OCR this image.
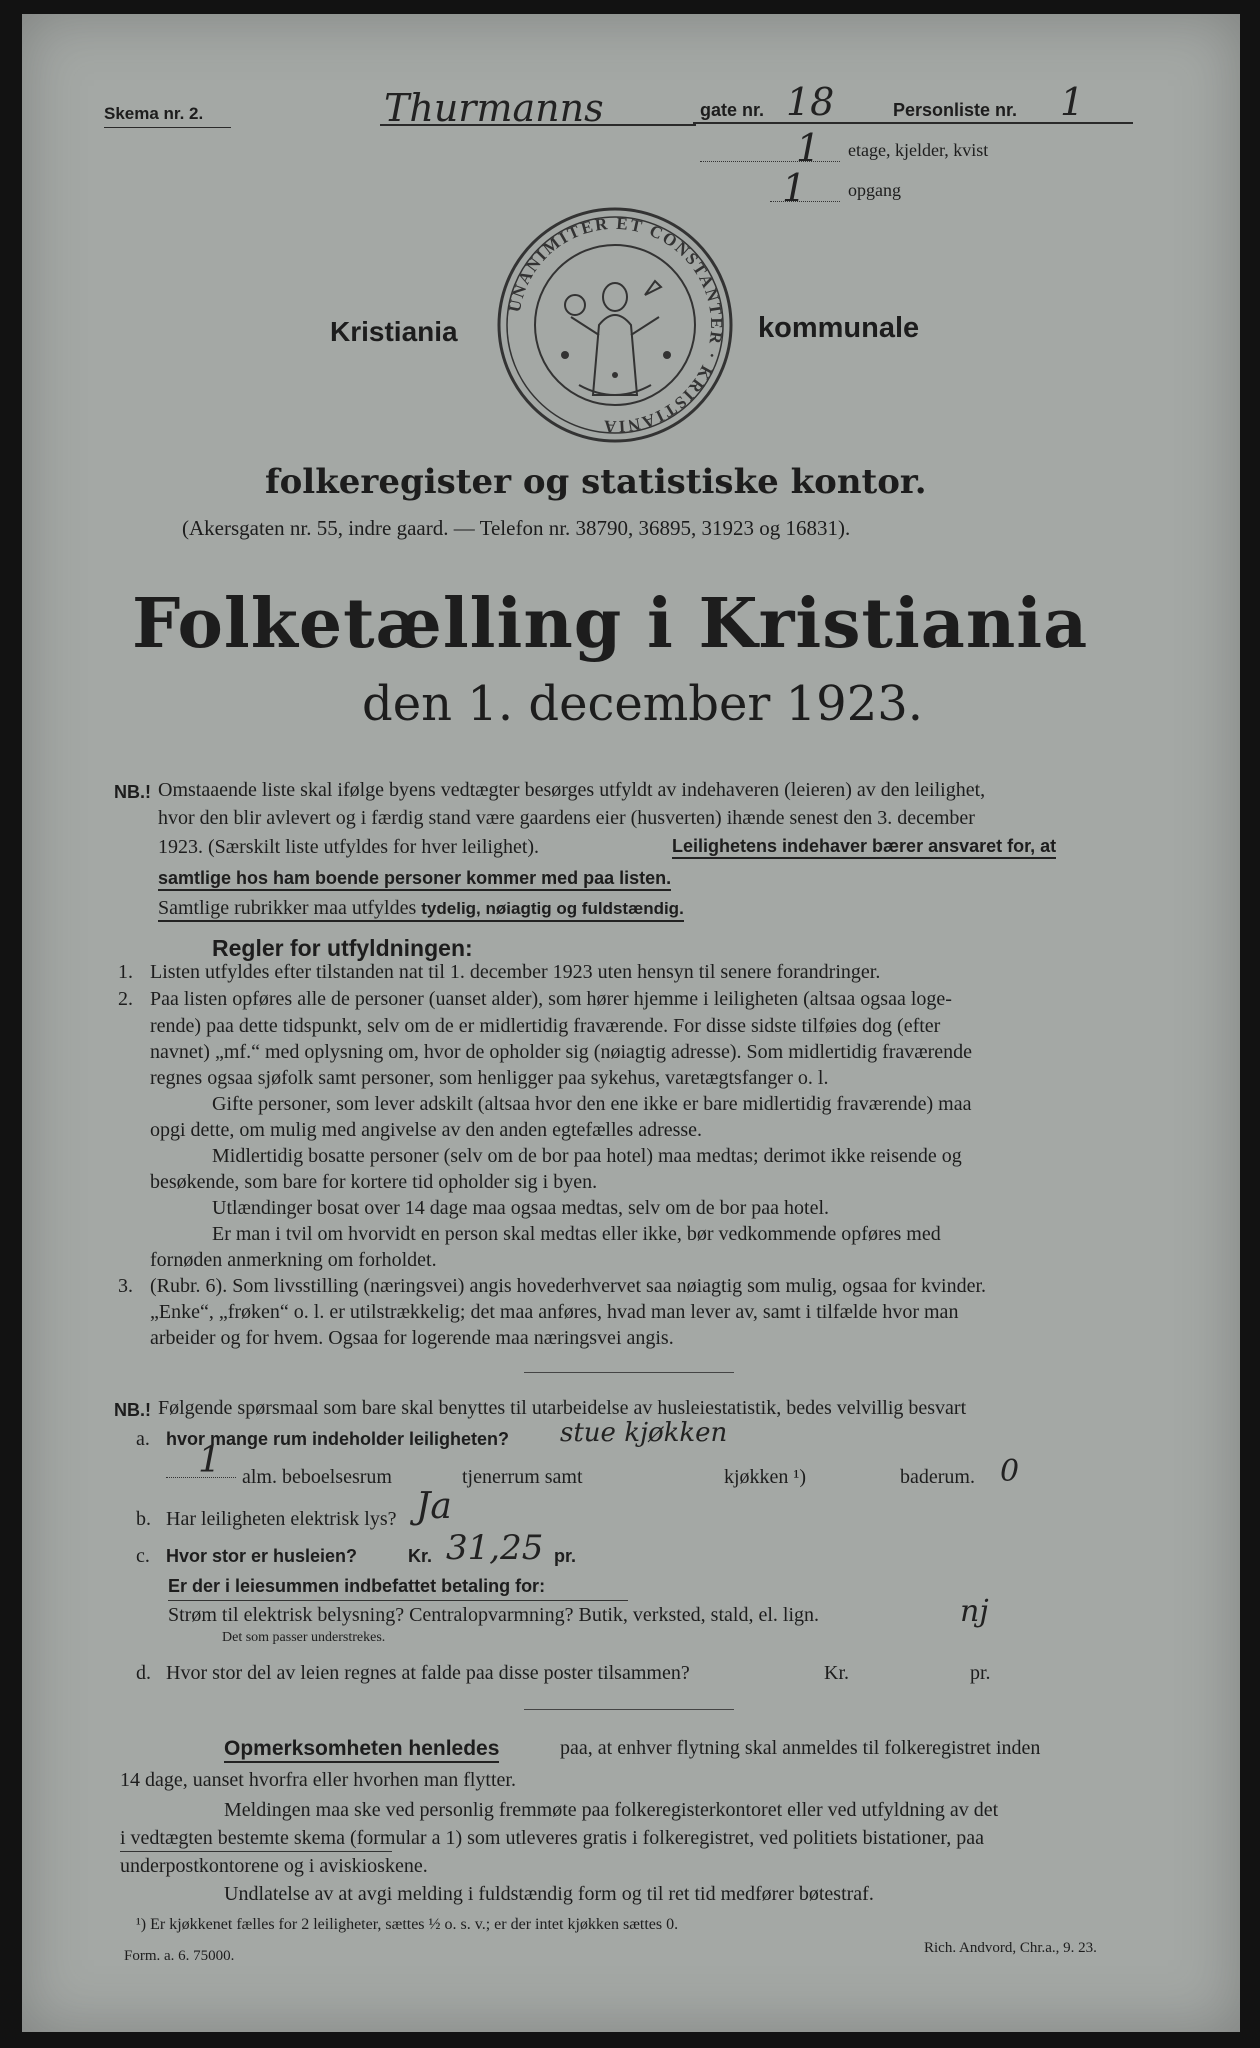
Skema nr. 2.	Thurmanns	gate nr. 18	Personliste nr. 1
1 etage, kjelder, kvist
1 opgang
Kristiania	kommunale
UNANIMITER ET CONSTANTER · KRISTIANIA
folkeregister og statistiske kontor.
(Akersgaten nr. 55, indre gaard. — Telefon nr. 38790, 36895, 31923 og 16831).
Folketælling i Kristiania
den 1. december 1923.
NB.! Omstaaende liste skal ifølge byens vedtægter besørges utfyldt av indehaveren (leieren) av den leilighet,
hvor den blir avlevert og i færdig stand være gaardens eier (husverten) ihænde senest den 3. december
1923. (Særskilt liste utfyldes for hver leilighet).	Leilighetens indehaver bærer ansvaret for, at
samtlige hos ham boende personer kommer med paa listen.
Samtlige rubrikker maa utfyldes tydelig, nøiagtig og fuldstændig.
Regler for utfyldningen:
1. Listen utfyldes efter tilstanden nat til 1. december 1923 uten hensyn til senere forandringer.
2. Paa listen opføres alle de personer (uanset alder), som hører hjemme i leiligheten (altsaa ogsaa loge-
rende) paa dette tidspunkt, selv om de er midlertidig fraværende. For disse sidste tilføies dog (efter
navnet) „mf.“ med oplysning om, hvor de opholder sig (nøiagtig adresse). Som midlertidig fraværende
regnes ogsaa sjøfolk samt personer, som henligger paa sykehus, varetægtsfanger o. l.
Gifte personer, som lever adskilt (altsaa hvor den ene ikke er bare midlertidig fraværende) maa
opgi dette, om mulig med angivelse av den anden egtefælles adresse.
Midlertidig bosatte personer (selv om de bor paa hotel) maa medtas; derimot ikke reisende og
besøkende, som bare for kortere tid opholder sig i byen.
Utlændinger bosat over 14 dage maa ogsaa medtas, selv om de bor paa hotel.
Er man i tvil om hvorvidt en person skal medtas eller ikke, bør vedkommende opføres med
fornøden anmerkning om forholdet.
3. (Rubr. 6). Som livsstilling (næringsvei) angis hovederhvervet saa nøiagtig som mulig, ogsaa for kvinder.
„Enke“, „frøken“ o. l. er utilstrækkelig; det maa anføres, hvad man lever av, samt i tilfælde hvor man
arbeider og for hvem. Ogsaa for logerende maa næringsvei angis.
NB.! Følgende spørsmaal som bare skal benyttes til utarbeidelse av husleiestatistik, bedes velvillig besvart
a. hvor mange rum indeholder leiligheten? stue kjøkken
1 alm. beboelsesrum	tjenerrum samt	kjøkken ¹)	baderum. 0
b. Har leiligheten elektrisk lys? Ja
c. Hvor stor er husleien?	Kr. 31,25 pr.
Er der i leiesummen indbefattet betaling for:
Strøm til elektrisk belysning? Centralopvarmning? Butik, verksted, stald, el. lign.	nj
Det som passer understrekes.
d. Hvor stor del av leien regnes at falde paa disse poster tilsammen?	Kr.	pr.
Opmerksomheten henledes	paa, at enhver flytning skal anmeldes til folkeregistret inden
14 dage, uanset hvorfra eller hvorhen man flytter.
Meldingen maa ske ved personlig fremmøte paa folkeregisterkontoret eller ved utfyldning av det
i vedtægten bestemte skema (formular a 1) som utleveres gratis i folkeregistret, ved politiets bistationer, paa
underpostkontorene og i aviskioskene.
Undlatelse av at avgi melding i fuldstændig form og til ret tid medfører bøtestraf.
¹) Er kjøkkenet fælles for 2 leiligheter, sættes ½ o. s. v.; er der intet kjøkken sættes 0.
Form. a. 6. 75000.	Rich. Andvord, Chr.a., 9. 23.
